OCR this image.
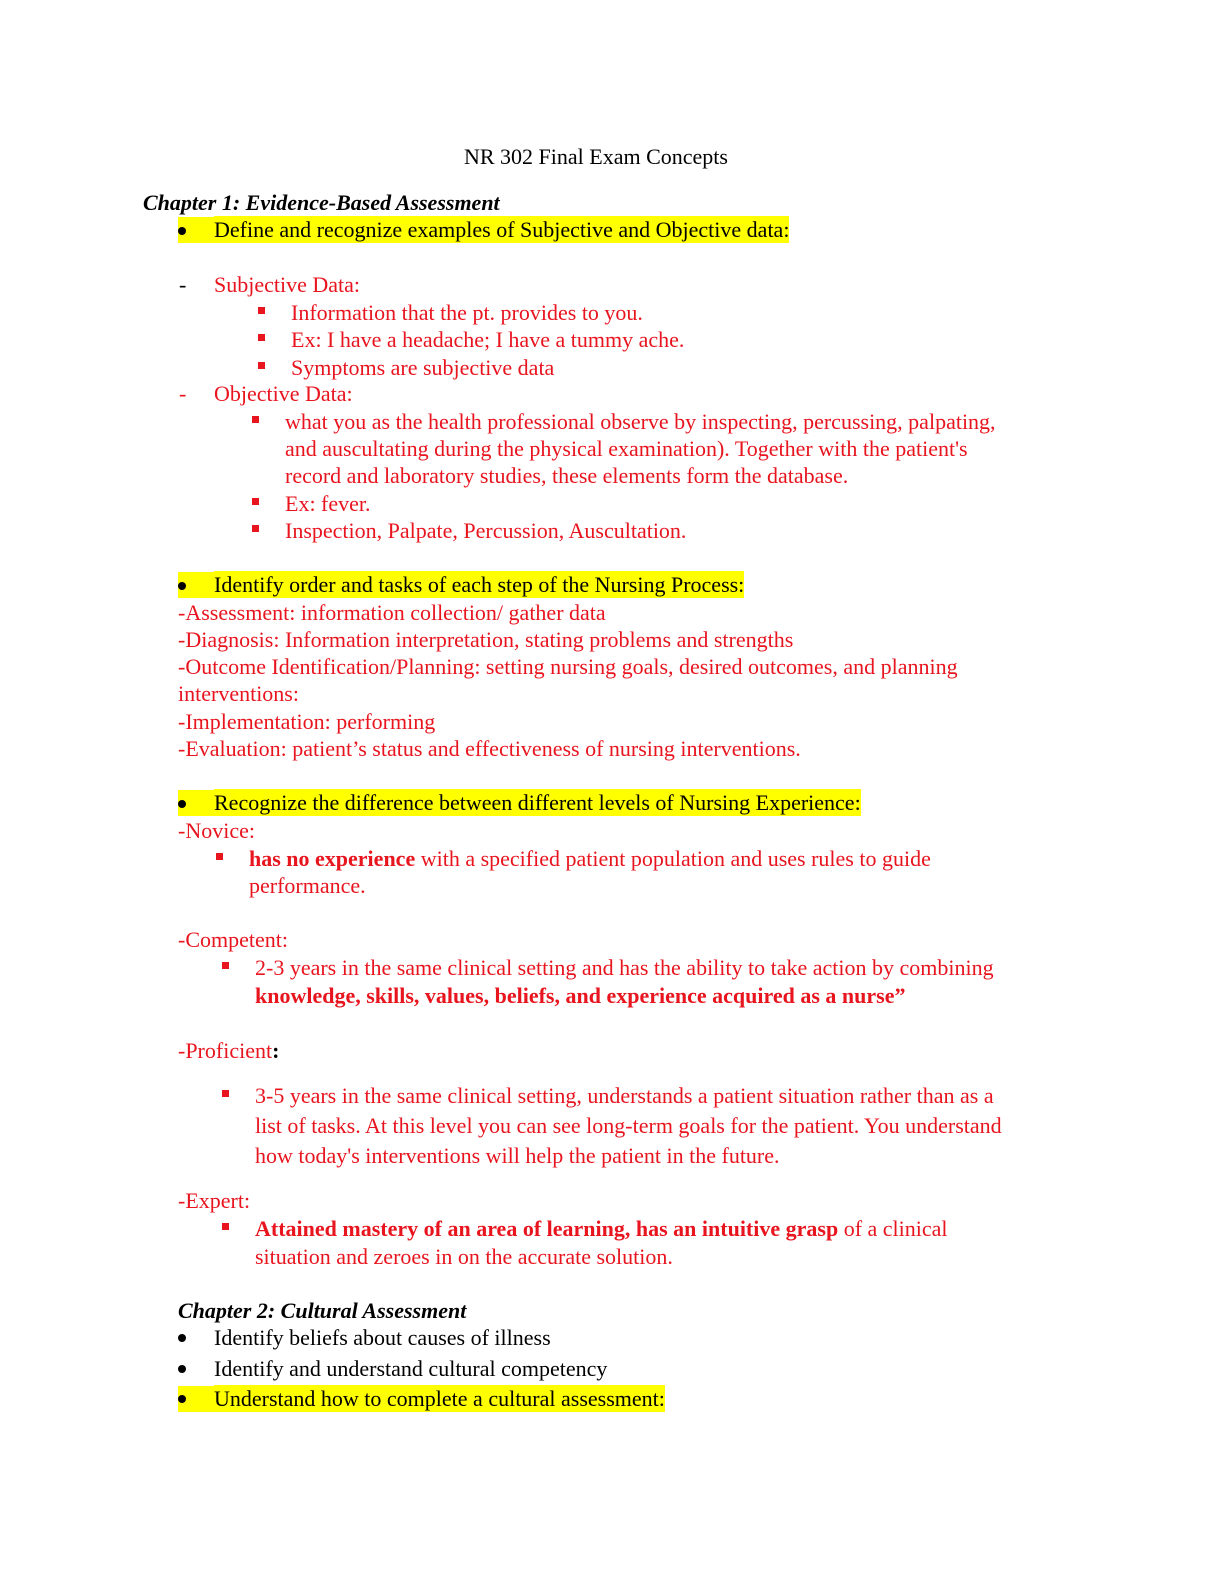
NR 302 Final Exam Concepts
Chapter 1: Evidence-Based Assessment
Define and recognize examples of Subjective and Objective data:
- Subjective Data:
Information that the pt. provides to you.
Ex: I have a headache; I have a tummy ache.
Symptoms are subjective data
- Objective Data:
what you as the health professional observe by inspecting, percussing, palpating,
and auscultating during the physical examination). Together with the patient's
record and laboratory studies, these elements form the database.
Ex: fever.
Inspection, Palpate, Percussion, Auscultation.
Identify order and tasks of each step of the Nursing Process:
-Assessment: information collection/ gather data
-Diagnosis: Information interpretation, stating problems and strengths
-Outcome Identification/Planning: setting nursing goals, desired outcomes, and planning
interventions:
-Implementation: performing
-Evaluation: patient’s status and effectiveness of nursing interventions.
Recognize the difference between different levels of Nursing Experience:
-Novice:
has no experience with a specified patient population and uses rules to guide
performance.
-Competent:
2-3 years in the same clinical setting and has the ability to take action by combining
knowledge, skills, values, beliefs, and experience acquired as a nurse”
-Proficient:
3-5 years in the same clinical setting, understands a patient situation rather than as a
list of tasks. At this level you can see long-term goals for the patient. You understand
how today's interventions will help the patient in the future.
-Expert:
Attained mastery of an area of learning, has an intuitive grasp of a clinical
situation and zeroes in on the accurate solution.
Chapter 2: Cultural Assessment
Identify beliefs about causes of illness
Identify and understand cultural competency
Understand how to complete a cultural assessment:
